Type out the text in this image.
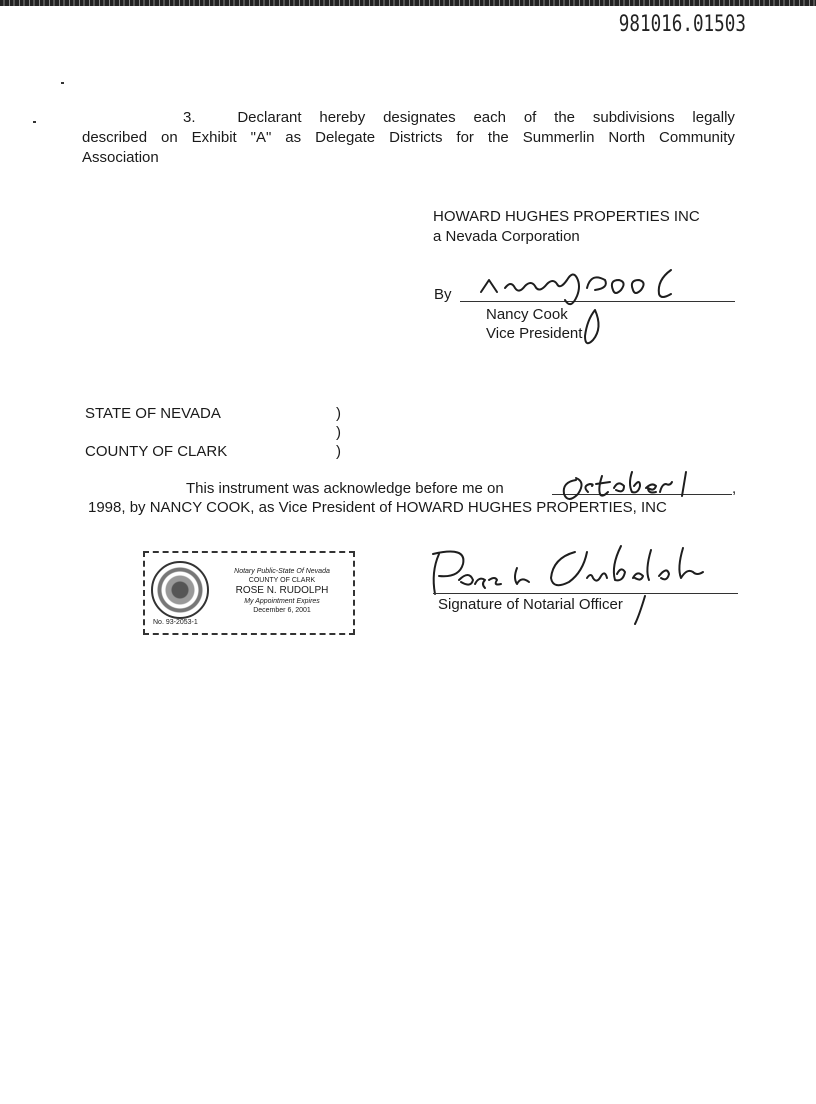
981016.01503
3.	Declarant hereby designates each of the subdivisions legally
described on Exhibit "A" as Delegate Districts for the Summerlin North Community
Association
HOWARD HUGHES PROPERTIES INC
a Nevada Corporation
By
Nancy Cook
Vice President
STATE OF NEVADA

COUNTY OF CLARK
)
)
)
This instrument was acknowledge before me on	,
1998, by NANCY COOK, as Vice President of HOWARD HUGHES PROPERTIES, INC
Notary Public-State Of Nevada
COUNTY OF CLARK
ROSE N. RUDOLPH
My Appointment Expires
December 6, 2001
No. 93-2053-1
Signature of Notarial Officer
